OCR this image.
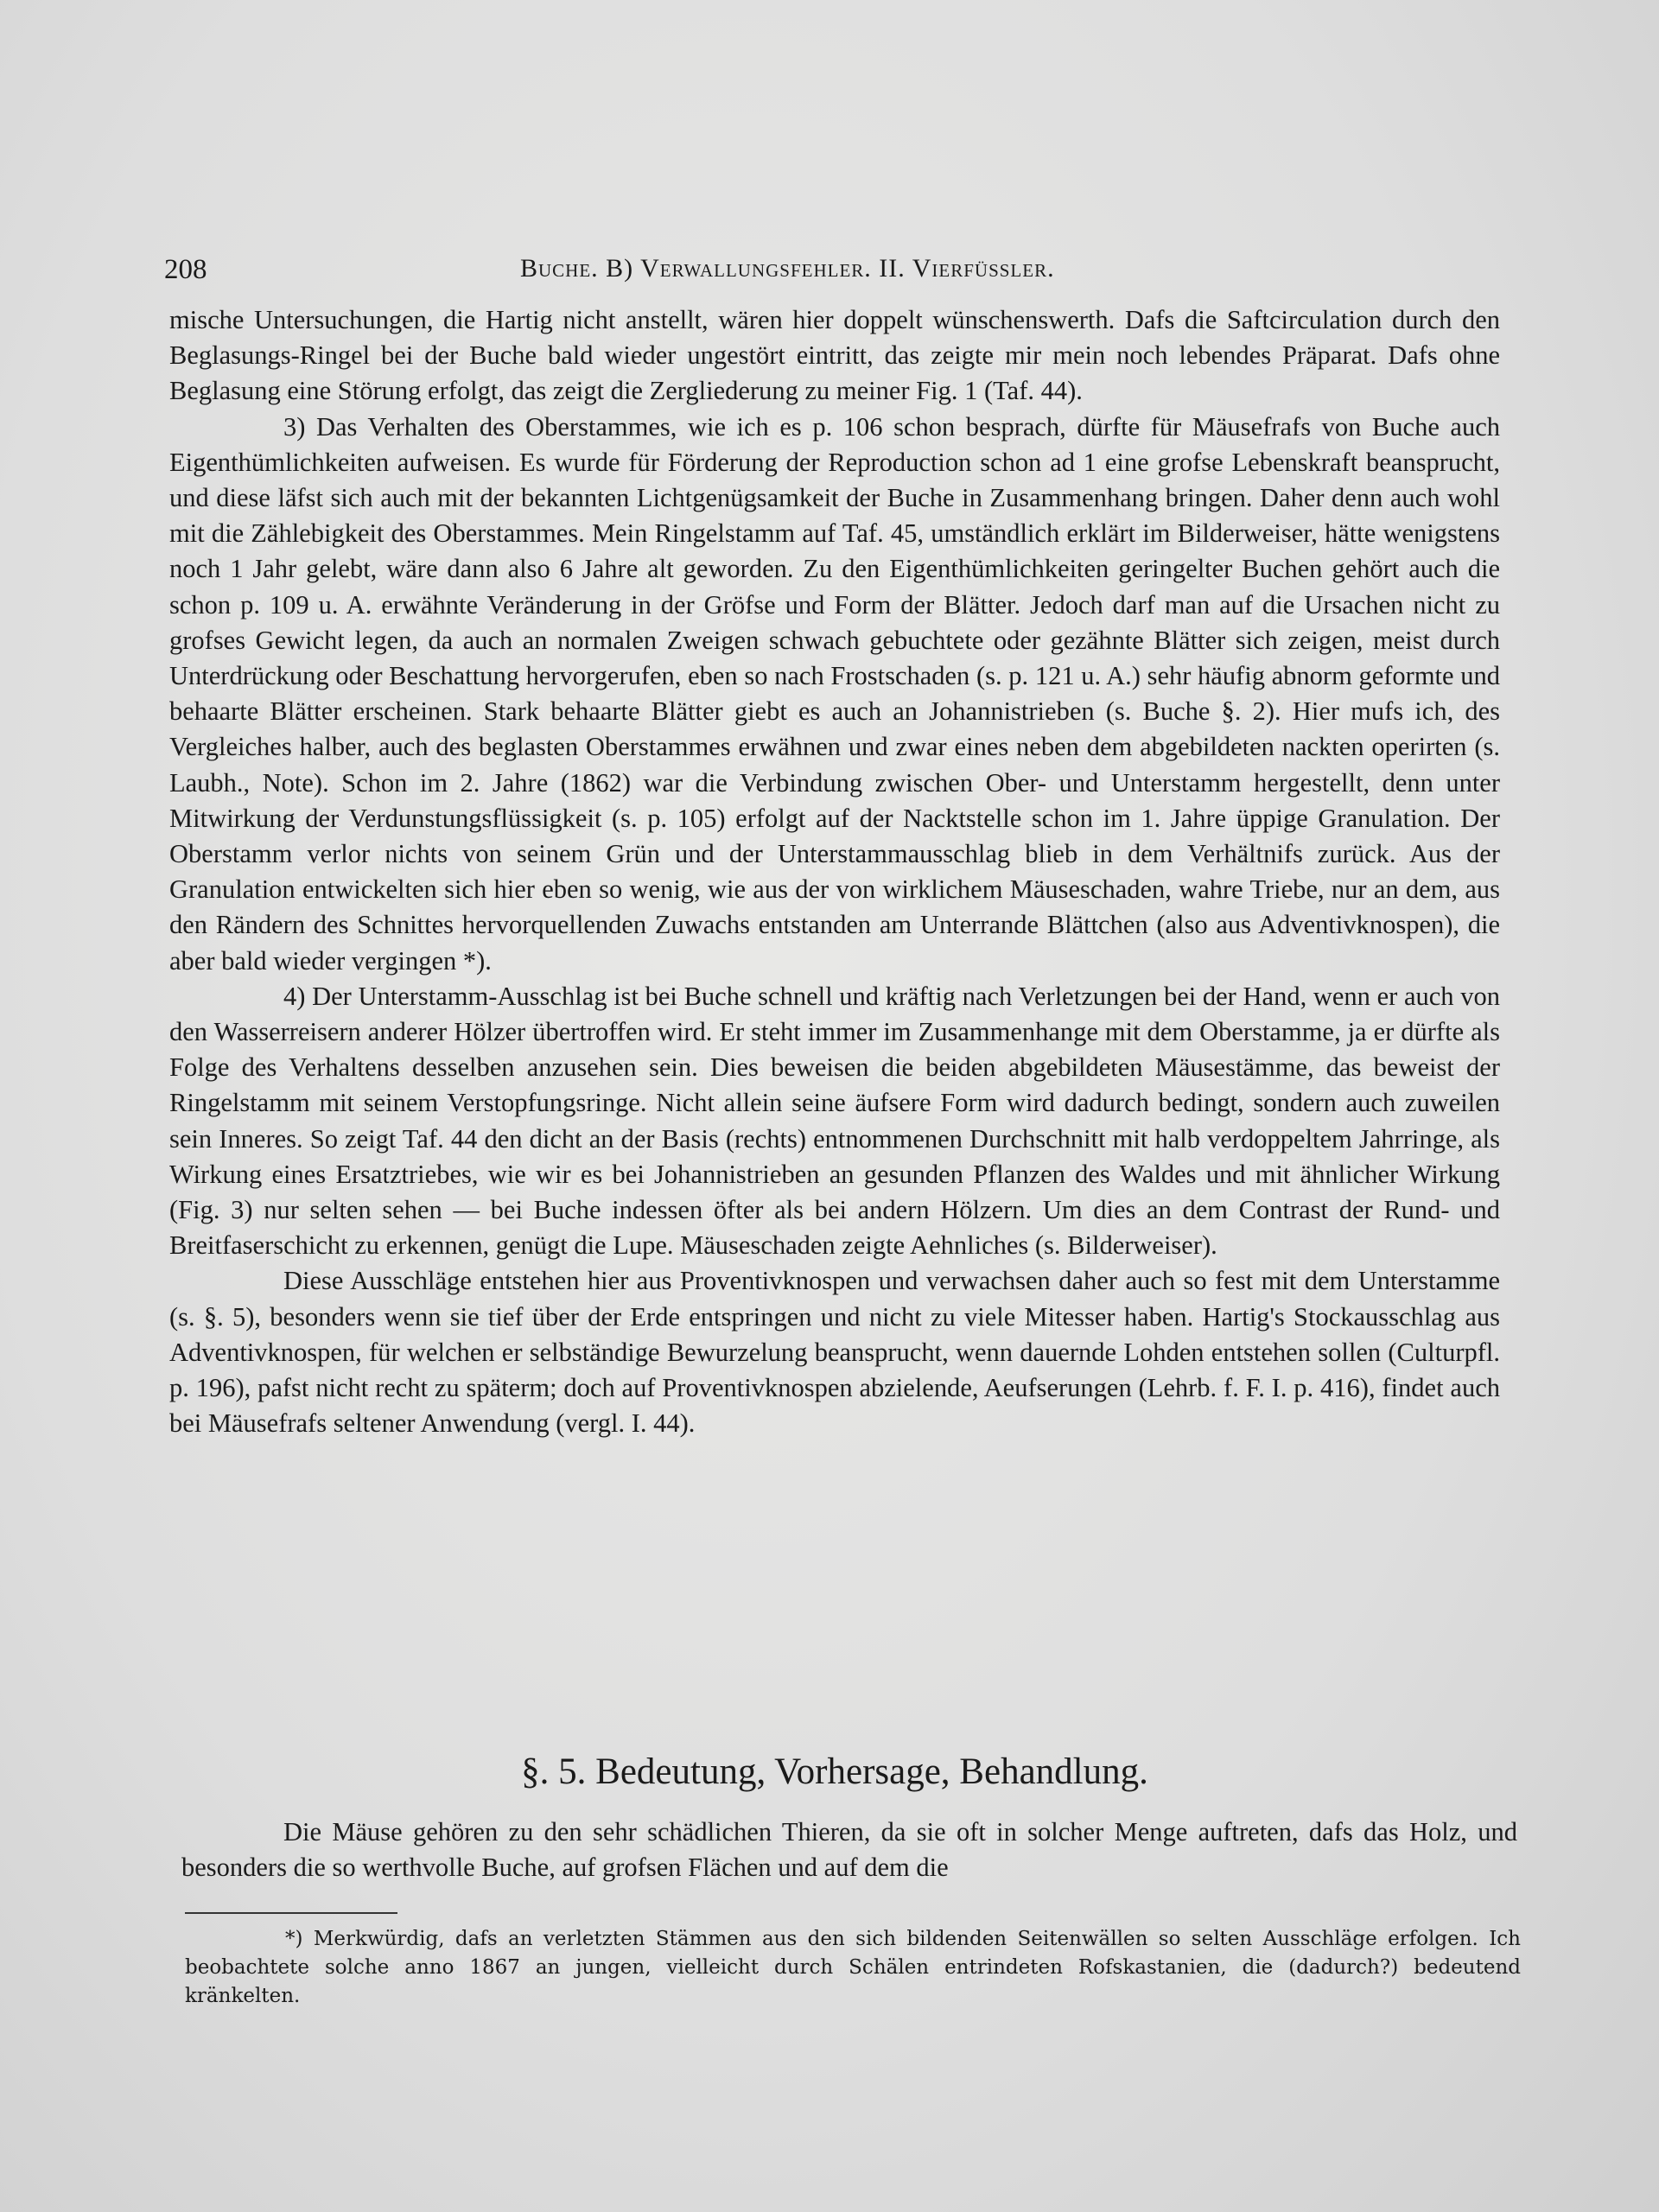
208	Buche. B) Verwallungsfehler. II. Vierfüssler.

mische Untersuchungen, die Hartig nicht anstellt, wären hier doppelt wünschenswerth. Dafs die Saftcirculation durch den Beglasungs-Ringel bei der Buche bald wieder ungestört eintritt, das zeigte mir mein noch lebendes Präparat. Dafs ohne Beglasung eine Störung erfolgt, das zeigt die Zergliederung zu meiner Fig. 1 (Taf. 44).

3) Das Verhalten des Oberstammes, wie ich es p. 106 schon besprach, dürfte für Mäusefrafs von Buche auch Eigenthümlichkeiten aufweisen. Es wurde für Förderung der Reproduction schon ad 1 eine grofse Lebenskraft beansprucht, und diese läfst sich auch mit der bekannten Lichtgenügsamkeit der Buche in Zusammenhang bringen. Daher denn auch wohl mit die Zählebigkeit des Oberstammes. Mein Ringelstamm auf Taf. 45, umständlich erklärt im Bilderweiser, hätte wenigstens noch 1 Jahr gelebt, wäre dann also 6 Jahre alt geworden. Zu den Eigenthümlichkeiten geringelter Buchen gehört auch die schon p. 109 u. A. erwähnte Veränderung in der Gröfse und Form der Blätter. Jedoch darf man auf die Ursachen nicht zu grofses Gewicht legen, da auch an normalen Zweigen schwach gebuchtete oder gezähnte Blätter sich zeigen, meist durch Unterdrückung oder Beschattung hervorgerufen, eben so nach Frostschaden (s. p. 121 u. A.) sehr häufig abnorm geformte und behaarte Blätter erscheinen. Stark behaarte Blätter giebt es auch an Johannistrieben (s. Buche §. 2). Hier mufs ich, des Vergleiches halber, auch des beglasten Oberstammes erwähnen und zwar eines neben dem abgebildeten nackten operirten (s. Laubh., Note). Schon im 2. Jahre (1862) war die Verbindung zwischen Ober- und Unterstamm hergestellt, denn unter Mitwirkung der Verdunstungsflüssigkeit (s. p. 105) erfolgt auf der Nacktstelle schon im 1. Jahre üppige Granulation. Der Oberstamm verlor nichts von seinem Grün und der Unterstammausschlag blieb in dem Verhältnifs zurück. Aus der Granulation entwickelten sich hier eben so wenig, wie aus der von wirklichem Mäuseschaden, wahre Triebe, nur an dem, aus den Rändern des Schnittes hervorquellenden Zuwachs entstanden am Unterrande Blättchen (also aus Adventivknospen), die aber bald wieder vergingen *).

4) Der Unterstamm-Ausschlag ist bei Buche schnell und kräftig nach Verletzungen bei der Hand, wenn er auch von den Wasserreisern anderer Hölzer übertroffen wird. Er steht immer im Zusammenhange mit dem Oberstamme, ja er dürfte als Folge des Verhaltens desselben anzusehen sein. Dies beweisen die beiden abgebildeten Mäusestämme, das beweist der Ringelstamm mit seinem Verstopfungsringe. Nicht allein seine äufsere Form wird dadurch bedingt, sondern auch zuweilen sein Inneres. So zeigt Taf. 44 den dicht an der Basis (rechts) entnommenen Durchschnitt mit halb verdoppeltem Jahrringe, als Wirkung eines Ersatztriebes, wie wir es bei Johannistrieben an gesunden Pflanzen des Waldes und mit ähnlicher Wirkung (Fig. 3) nur selten sehen — bei Buche indessen öfter als bei andern Hölzern. Um dies an dem Contrast der Rund- und Breitfaserschicht zu erkennen, genügt die Lupe. Mäuseschaden zeigte Aehnliches (s. Bilderweiser).

Diese Ausschläge entstehen hier aus Proventivknospen und verwachsen daher auch so fest mit dem Unterstamme (s. §. 5), besonders wenn sie tief über der Erde entspringen und nicht zu viele Mitesser haben. Hartig's Stockausschlag aus Adventivknospen, für welchen er selbständige Bewurzelung beansprucht, wenn dauernde Lohden entstehen sollen (Culturpfl. p. 196), pafst nicht recht zu späterm; doch auf Proventivknospen abzielende, Aeufserungen (Lehrb. f. F. I. p. 416), findet auch bei Mäusefrafs seltener Anwendung (vergl. I. 44).

§. 5. Bedeutung, Vorhersage, Behandlung.

Die Mäuse gehören zu den sehr schädlichen Thieren, da sie oft in solcher Menge auftreten, dafs das Holz, und besonders die so werthvolle Buche, auf grofsen Flächen und auf dem die

*) Merkwürdig, dafs an verletzten Stämmen aus den sich bildenden Seitenwällen so selten Ausschläge erfolgen. Ich beobachtete solche anno 1867 an jungen, vielleicht durch Schälen entrindeten Rofskastanien, die (dadurch?) bedeutend kränkelten.
